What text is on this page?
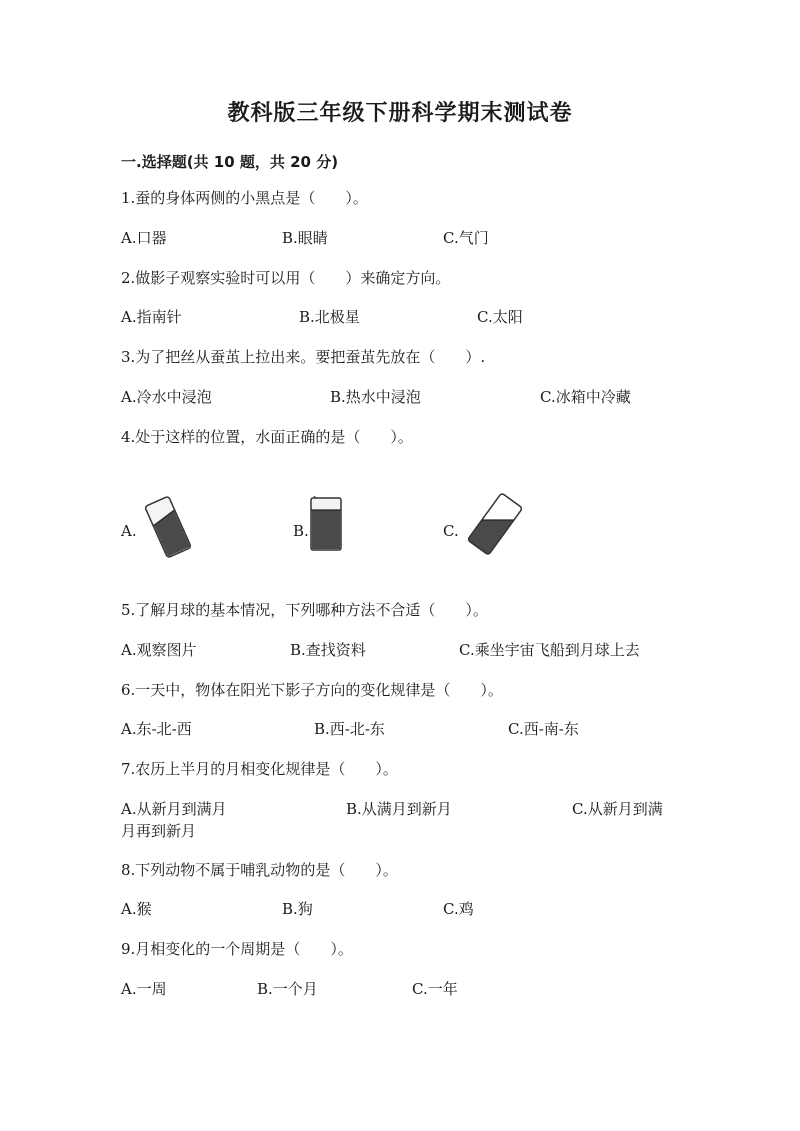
教科版三年级下册科学期末测试卷
一.选择题(共 10 题，共 20 分)
1.蚕的身体两侧的小黑点是（　　）。
A.口器	B.眼睛	C.气门
2.做影子观察实验时可以用（　　）来确定方向。
A.指南针	B.北极星	C.太阳
3.为了把丝从蚕茧上拉出来。要把蚕茧先放在（　　）.
A.冷水中浸泡	B.热水中浸泡	C.冰箱中冷藏
4.处于这样的位置，水面正确的是（　　）。
A.	B.	C.
5.了解月球的基本情况，下列哪种方法不合适（　　）。
A.观察图片	B.查找资料	C.乘坐宇宙飞船到月球上去
6.一天中，物体在阳光下影子方向的变化规律是（　　）。
A.东-北-西	B.西-北-东	C.西-南-东
7.农历上半月的月相变化规律是（　　）。
A.从新月到满月	B.从满月到新月	C.从新月到满
月再到新月
8.下列动物不属于哺乳动物的是（　　）。
A.猴	B.狗	C.鸡
9.月相变化的一个周期是（　　）。
A.一周	B.一个月	C.一年
